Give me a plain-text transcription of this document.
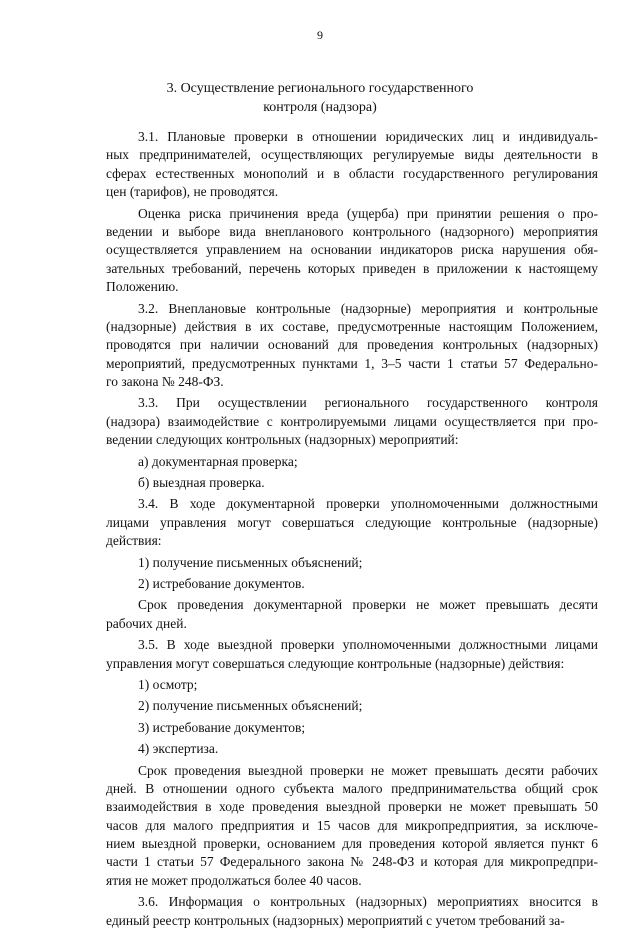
9
3. Осуществление регионального государственного
контроля (надзора)
3.1. Плановые проверки в отношении юридических лиц и индивидуаль-
ных предпринимателей, осуществляющих регулируемые виды деятельности в
сферах естественных монополий и в области государственного регулирования
цен (тарифов), не проводятся.
Оценка риска причинения вреда (ущерба) при принятии решения о про-
ведении и выборе вида внепланового контрольного (надзорного) мероприятия
осуществляется управлением на основании индикаторов риска нарушения обя-
зательных требований, перечень которых приведен в приложении к настоящему
Положению.
3.2. Внеплановые контрольные (надзорные) мероприятия и контрольные
(надзорные) действия в их составе, предусмотренные настоящим Положением,
проводятся при наличии оснований для проведения контрольных (надзорных)
мероприятий, предусмотренных пунктами 1, 3–5 части 1 статьи 57 Федерально-
го закона № 248-ФЗ.
3.3. При осуществлении регионального государственного контроля
(надзора) взаимодействие с контролируемыми лицами осуществляется при про-
ведении следующих контрольных (надзорных) мероприятий:
а) документарная проверка;
б) выездная проверка.
3.4. В ходе документарной проверки уполномоченными должностными
лицами управления могут совершаться следующие контрольные (надзорные)
действия:
1) получение письменных объяснений;
2) истребование документов.
Срок проведения документарной проверки не может превышать десяти
рабочих дней.
3.5. В ходе выездной проверки уполномоченными должностными лицами
управления могут совершаться следующие контрольные (надзорные) действия:
1) осмотр;
2) получение письменных объяснений;
3) истребование документов;
4) экспертиза.
Срок проведения выездной проверки не может превышать десяти рабочих
дней. В отношении одного субъекта малого предпринимательства общий срок
взаимодействия в ходе проведения выездной проверки не может превышать 50
часов для малого предприятия и 15 часов для микропредприятия, за исключе-
нием выездной проверки, основанием для проведения которой является пункт 6
части 1 статьи 57 Федерального закона № 248-ФЗ и которая для микропредпри-
ятия не может продолжаться более 40 часов.
3.6. Информация о контрольных (надзорных) мероприятиях вносится в
единый реестр контрольных (надзорных) мероприятий с учетом требований за-
